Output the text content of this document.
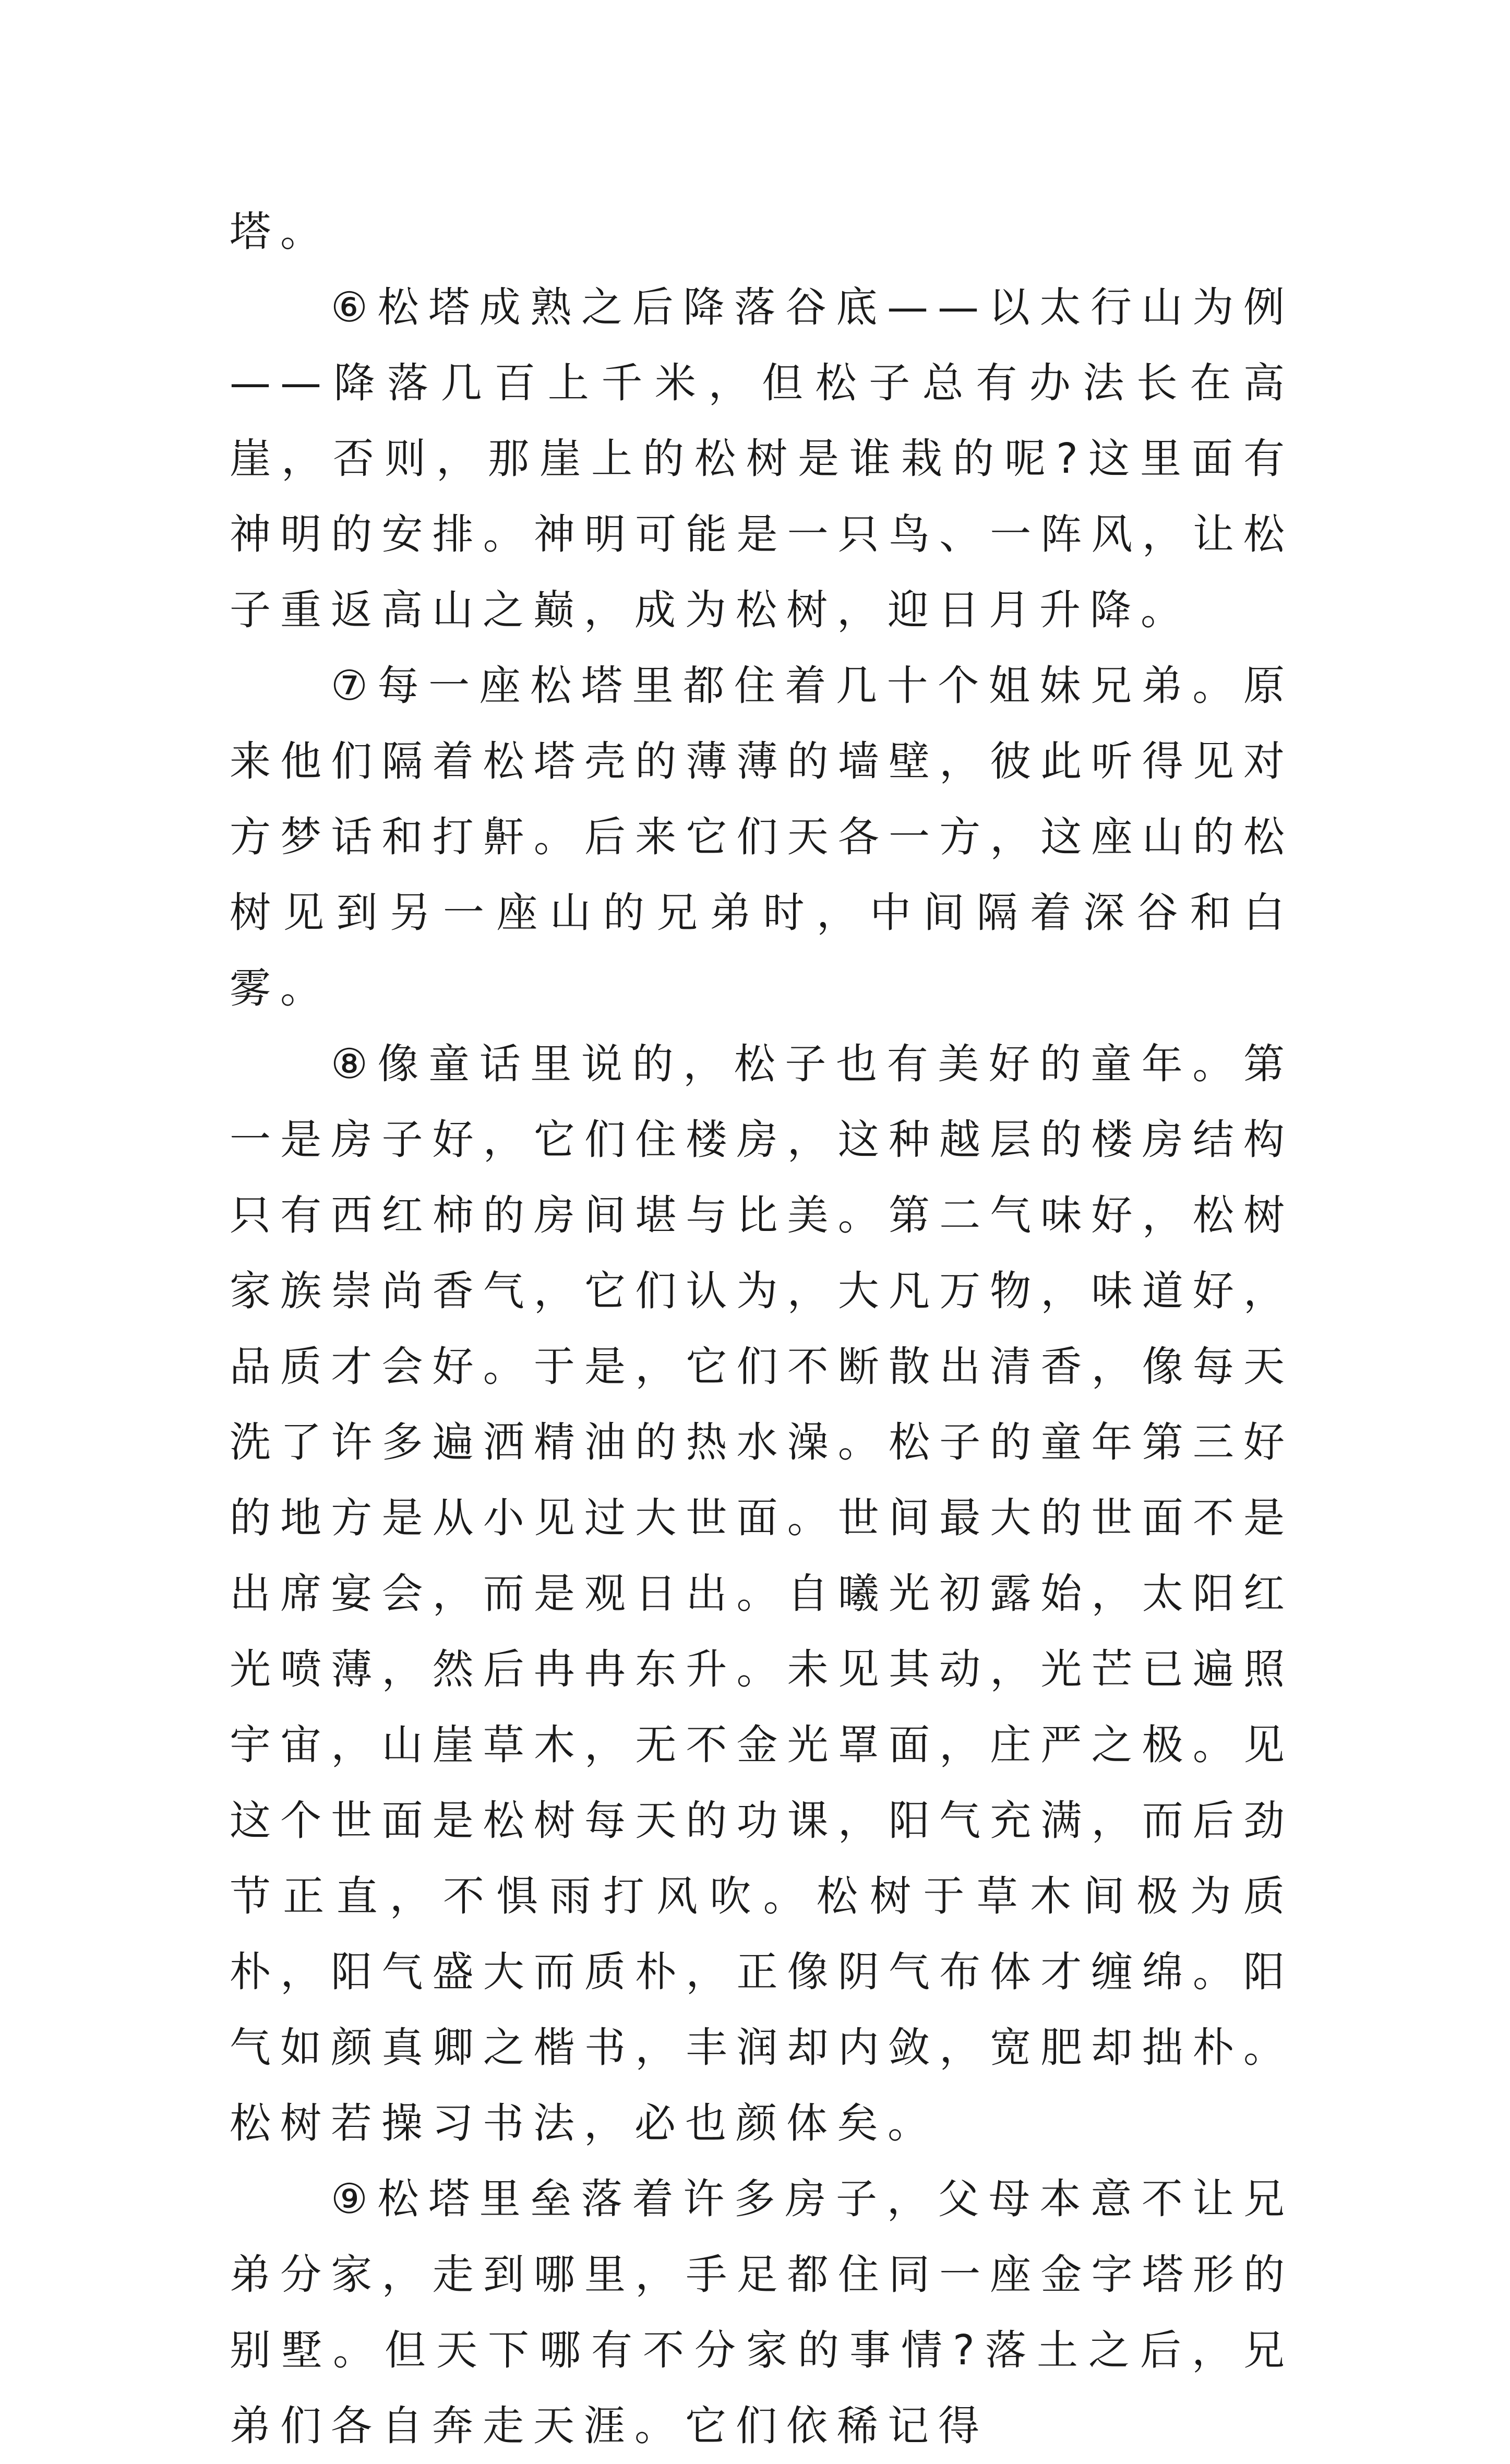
塔。

⑥松塔成熟之后降落谷底——以太行山为例——降落几百上千米，但松子总有办法长在高崖，否则，那崖上的松树是谁栽的呢?这里面有神明的安排。神明可能是一只鸟、一阵风，让松子重返高山之巅，成为松树，迎日月升降。

⑦每一座松塔里都住着几十个姐妹兄弟。原来他们隔着松塔壳的薄薄的墙壁，彼此听得见对方梦话和打鼾。后来它们天各一方，这座山的松树见到另一座山的兄弟时，中间隔着深谷和白雾。

⑧像童话里说的，松子也有美好的童年。第一是房子好，它们住楼房，这种越层的楼房结构只有西红柿的房间堪与比美。第二气味好，松树家族崇尚香气，它们认为，大凡万物，味道好，品质才会好。于是，它们不断散出清香，像每天洗了许多遍洒精油的热水澡。松子的童年第三好的地方是从小见过大世面。世间最大的世面不是出席宴会，而是观日出。自曦光初露始，太阳红光喷薄，然后冉冉东升。未见其动，光芒已遍照宇宙，山崖草木，无不金光罩面，庄严之极。见这个世面是松树每天的功课，阳气充满，而后劲节正直，不惧雨打风吹。松树于草木间极为质朴，阳气盛大而质朴，正像阴气布体才缠绵。阳气如颜真卿之楷书，丰润却内敛，宽肥却拙朴。松树若操习书法，必也颜体矣。

⑨松塔里垒落着许多房子，父母本意不让兄弟分家，走到哪里，手足都住同一座金字塔形的别墅。但天下哪有不分家的事情?落土之后，兄弟们各自奔走天涯。它们依稀记得
